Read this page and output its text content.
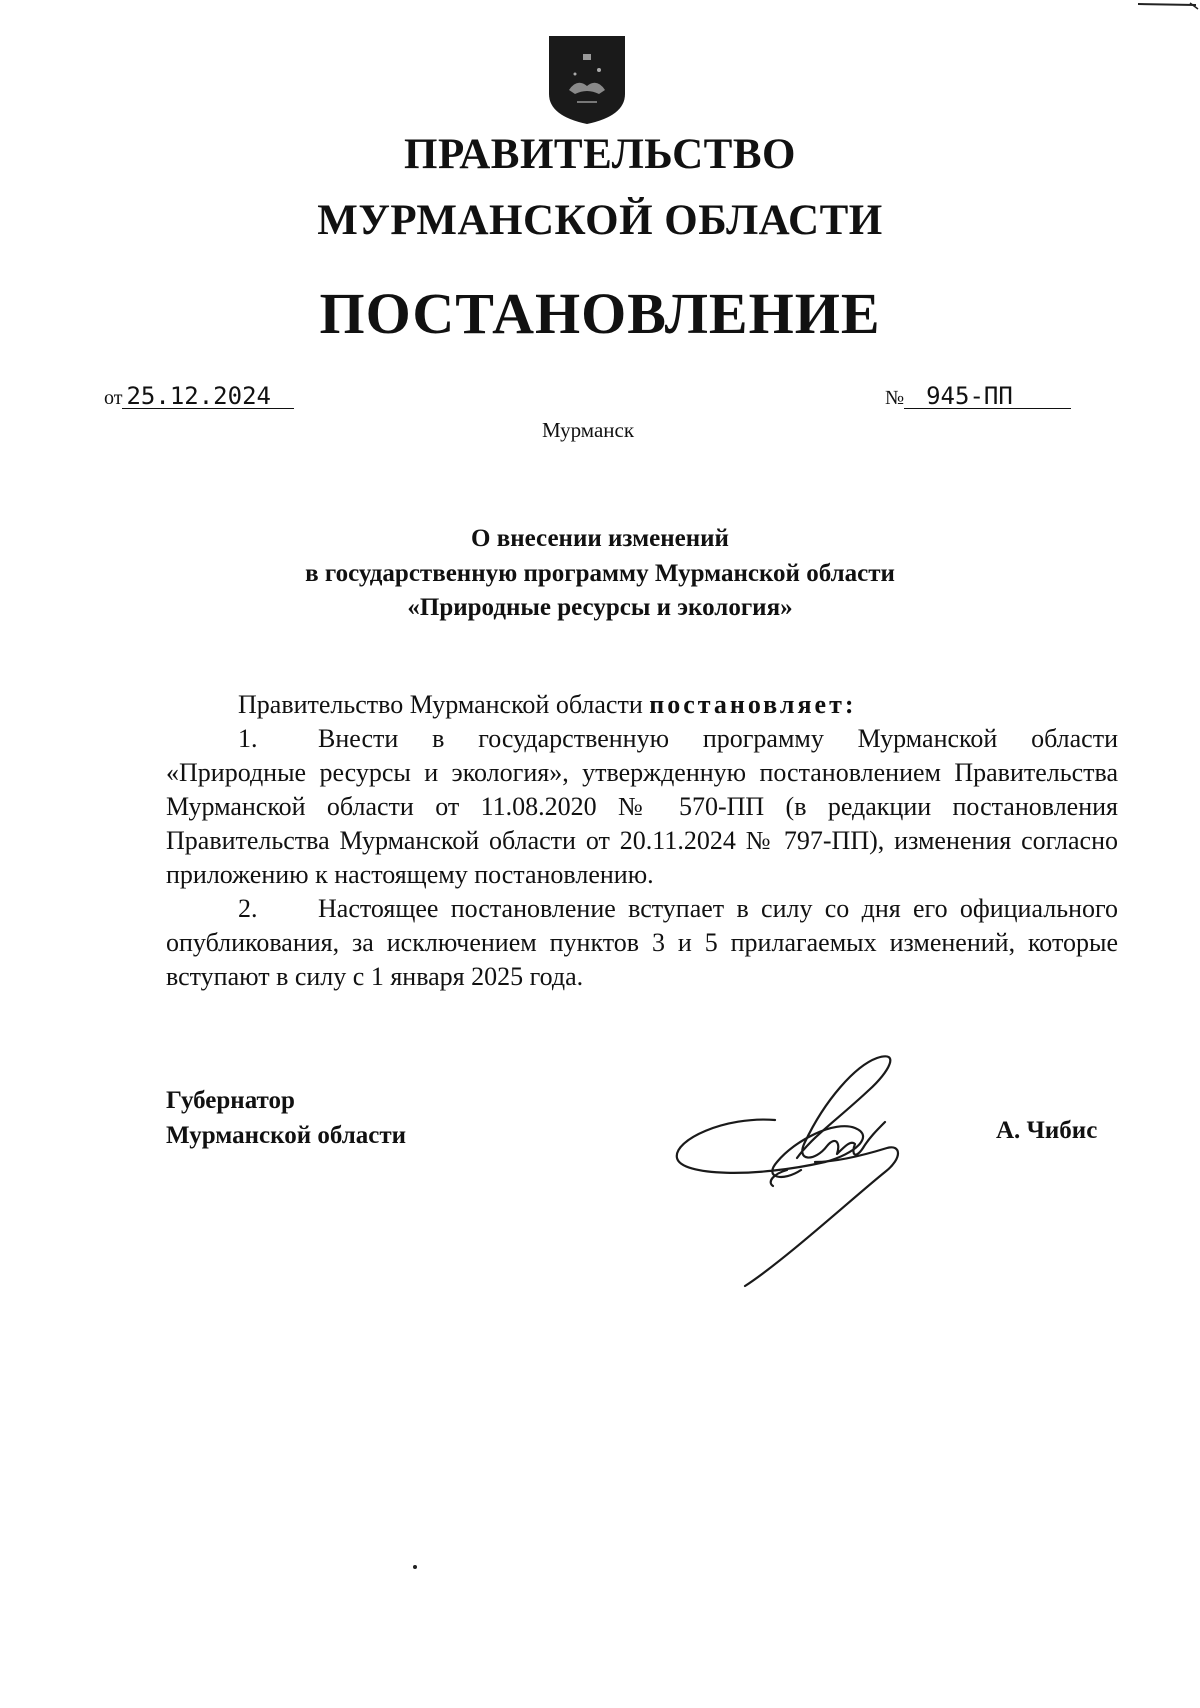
ПРАВИТЕЛЬСТВО
МУРМАНСКОЙ ОБЛАСТИ
ПОСТАНОВЛЕНИЕ
от 25.12.2024	№ 945-ПП
Мурманск
О внесении изменений
в государственную программу Мурманской области
«Природные ресурсы и экология»

Правительство Мурманской области постановляет:

1. Внести в государственную программу Мурманской области «Природные ресурсы и экология», утвержденную постановлением Правительства Мурманской области от 11.08.2020 № 570-ПП (в редакции постановления Правительства Мурманской области от 20.11.2024 № 797-ПП), изменения согласно приложению к настоящему постановлению.

2. Настоящее постановление вступает в силу со дня его официального опубликования, за исключением пунктов 3 и 5 прилагаемых изменений, которые вступают в силу с 1 января 2025 года.

Губернатор
Мурманской области	А. Чибис
